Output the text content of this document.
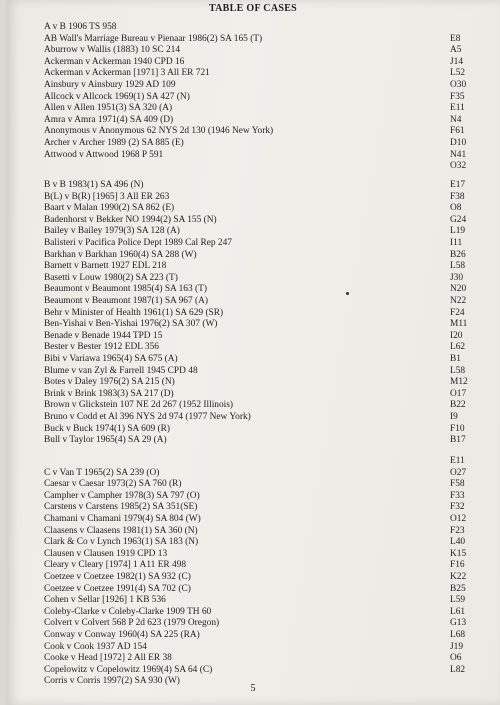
TABLE OF CASES
A v B 1906 TS 958
AB Wall's Marriage Bureau v Pienaar 1986(2) SA 165 (T)	E8
Aburrow v Wallis (1883) 10 SC 214	A5
Ackerman v Ackerman 1940 CPD 16	J14
Ackerman v Ackerman [1971] 3 All ER 721	L52
Ainsbury v Ainsbury 1929 AD 109	O30
Allcock v Allcock 1969(1) SA 427 (N)	F35
Allen v Allen 1951(3) SA 320 (A)	E11
Amra v Amra 1971(4) SA 409 (D)	N4
Anonymous v Anonymous 62 NYS 2d 130 (1946 New York)	F61
Archer v Archer 1989 (2) SA 885 (E)	D10
Attwood v Attwood 1968 P 591	N41
O32
B v B 1983(1) SA 496 (N)	E17
B(L) v B(R) [1965] 3 All ER 263	F38
Baart v Malan 1990(2) SA 862 (E)	O8
Badenhorst v Bekker NO 1994(2) SA 155 (N)	G24
Bailey v Bailey 1979(3) SA 128 (A)	L19
Balisteri v Pacifica Police Dept 1989 Cal Rep 247	I11
Barkhan v Barkhan 1960(4) SA 288 (W)	B26
Barnett v Barnett 1927 EDL 218	L58
Basetti v Louw 1980(2) SA 223 (T)	J30
Beaumont v Beaumont 1985(4) SA 163 (T)	N20
Beaumont v Beaumont 1987(1) SA 967 (A)	N22
Behr v Minister of Health 1961(1) SA 629 (SR)	F24
Ben-Yishai v Ben-Yishai 1976(2) SA 307 (W)	M11
Benade v Benade 1944 TPD 15	I20
Bester v Bester 1912 EDL 356	L62
Bibi v Variawa 1965(4) SA 675 (A)	B1
Blume v van Zyl & Farrell 1945 CPD 48	L58
Botes v Daley 1976(2) SA 215 (N)	M12
Brink v Brink 1983(3) SA 217 (D)	O17
Brown v Glickstein 107 NE 2d 267 (1952 Illinois)	B22
Bruno v Codd et Al 396 NYS 2d 974 (1977 New York)	I9
Buck v Buck 1974(1) SA 609 (R)	F10
Bull v Taylor 1965(4) SA 29 (A)	B17
E11
C v Van T 1965(2) SA 239 (O)	O27
Caesar v Caesar 1973(2) SA 760 (R)	F58
Campher v Campher 1978(3) SA 797 (O)	F33
Carstens v Carstens 1985(2) SA 351(SE)	F32
Chamani v Chamani 1979(4) SA 804 (W)	O12
Claasens v Claasens 1981(1) SA 360 (N)	F23
Clark & Co v Lynch 1963(1) SA 183 (N)	L40
Clausen v Clausen 1919 CPD 13	K15
Cleary v Cleary [1974] 1 A11 ER 498	F16
Coetzee v Coetzee 1982(1) SA 932 (C)	K22
Coetzee v Coetzee 1991(4) SA 702 (C)	B25
Cohen v Sellar [1926] 1 KB 536	L59
Coleby-Clarke v Coleby-Clarke 1909 TH 60	L61
Colvert v Colvert 568 P 2d 623 (1979 Oregon)	G13
Conway v Conway 1960(4) SA 225 (RA)	L68
Cook v Cook 1937 AD 154	J19
Cooke v Head [1972] 2 All ER 38	O6
Copelowitz v Copelowitz 1969(4) SA 64 (C)	L82
Corris v Corris 1997(2) SA 930 (W)
5
